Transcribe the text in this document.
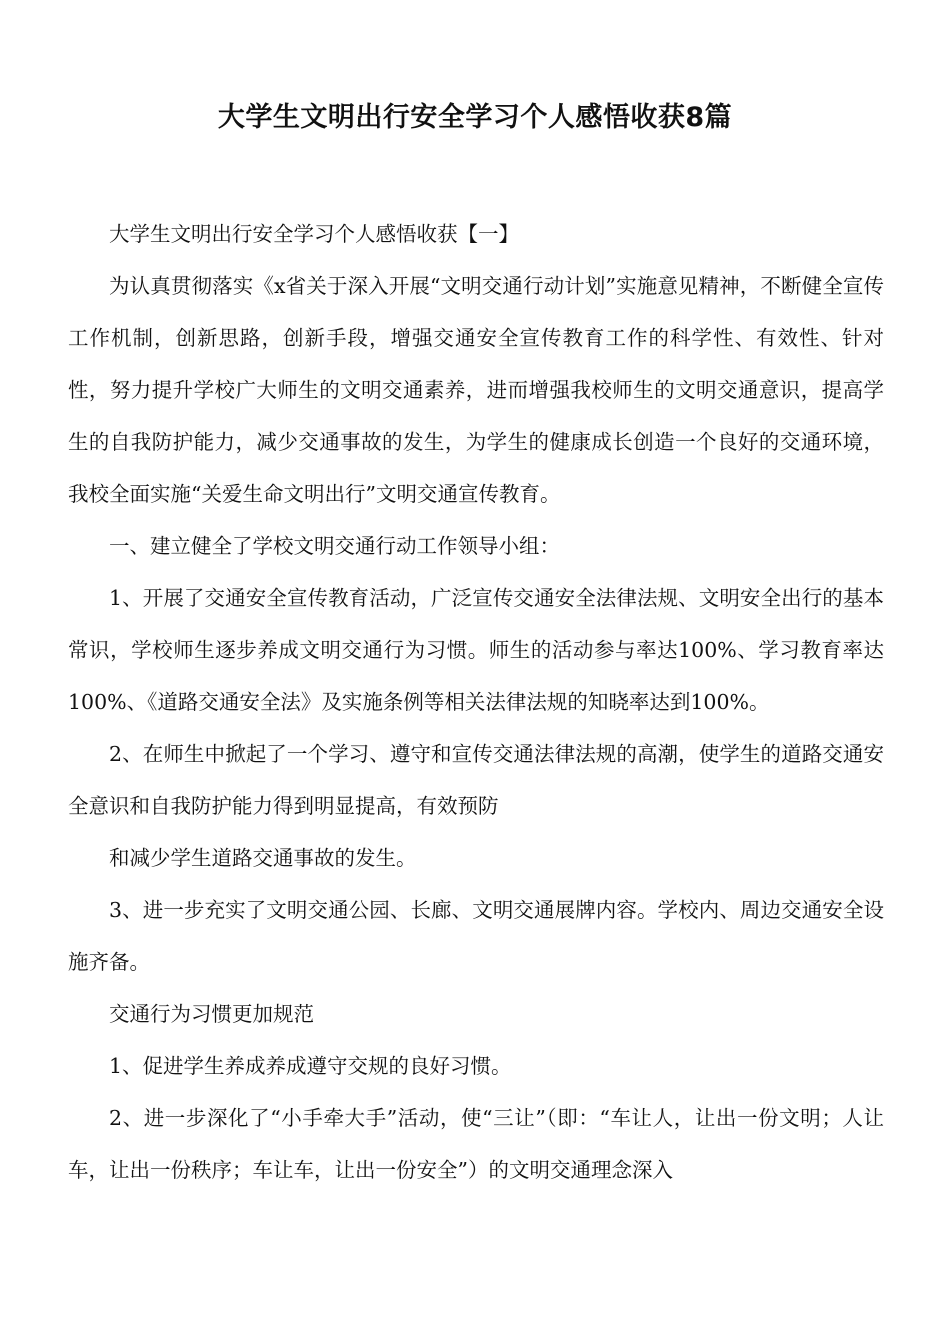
大学生文明出行安全学习个人感悟收获8篇

大学生文明出行安全学习个人感悟收获【一】

为认真贯彻落实《x省关于深入开展“文明交通行动计划”实施意见精神，不断健全宣传工作机制，创新思路，创新手段，增强交通安全宣传教育工作的科学性、有效性、针对性，努力提升学校广大师生的文明交通素养，进而增强我校师生的文明交通意识，提高学生的自我防护能力，减少交通事故的发生，为学生的健康成长创造一个良好的交通环境，我校全面实施“关爱生命文明出行”文明交通宣传教育。

一、建立健全了学校文明交通行动工作领导小组：

1、开展了交通安全宣传教育活动，广泛宣传交通安全法律法规、文明安全出行的基本常识，学校师生逐步养成文明交通行为习惯。师生的活动参与率达100%、学习教育率达100%、《道路交通安全法》及实施条例等相关法律法规的知晓率达到100%。

2、在师生中掀起了一个学习、遵守和宣传交通法律法规的高潮，使学生的道路交通安全意识和自我防护能力得到明显提高，有效预防

和减少学生道路交通事故的发生。

3、进一步充实了文明交通公园、长廊、文明交通展牌内容。学校内、周边交通安全设施齐备。

交通行为习惯更加规范

1、促进学生养成养成遵守交规的良好习惯。

2、进一步深化了“小手牵大手”活动，使“三让”（即：“车让人，让出一份文明；人让车，让出一份秩序；车让车，让出一份安全”）的文明交通理念深入
